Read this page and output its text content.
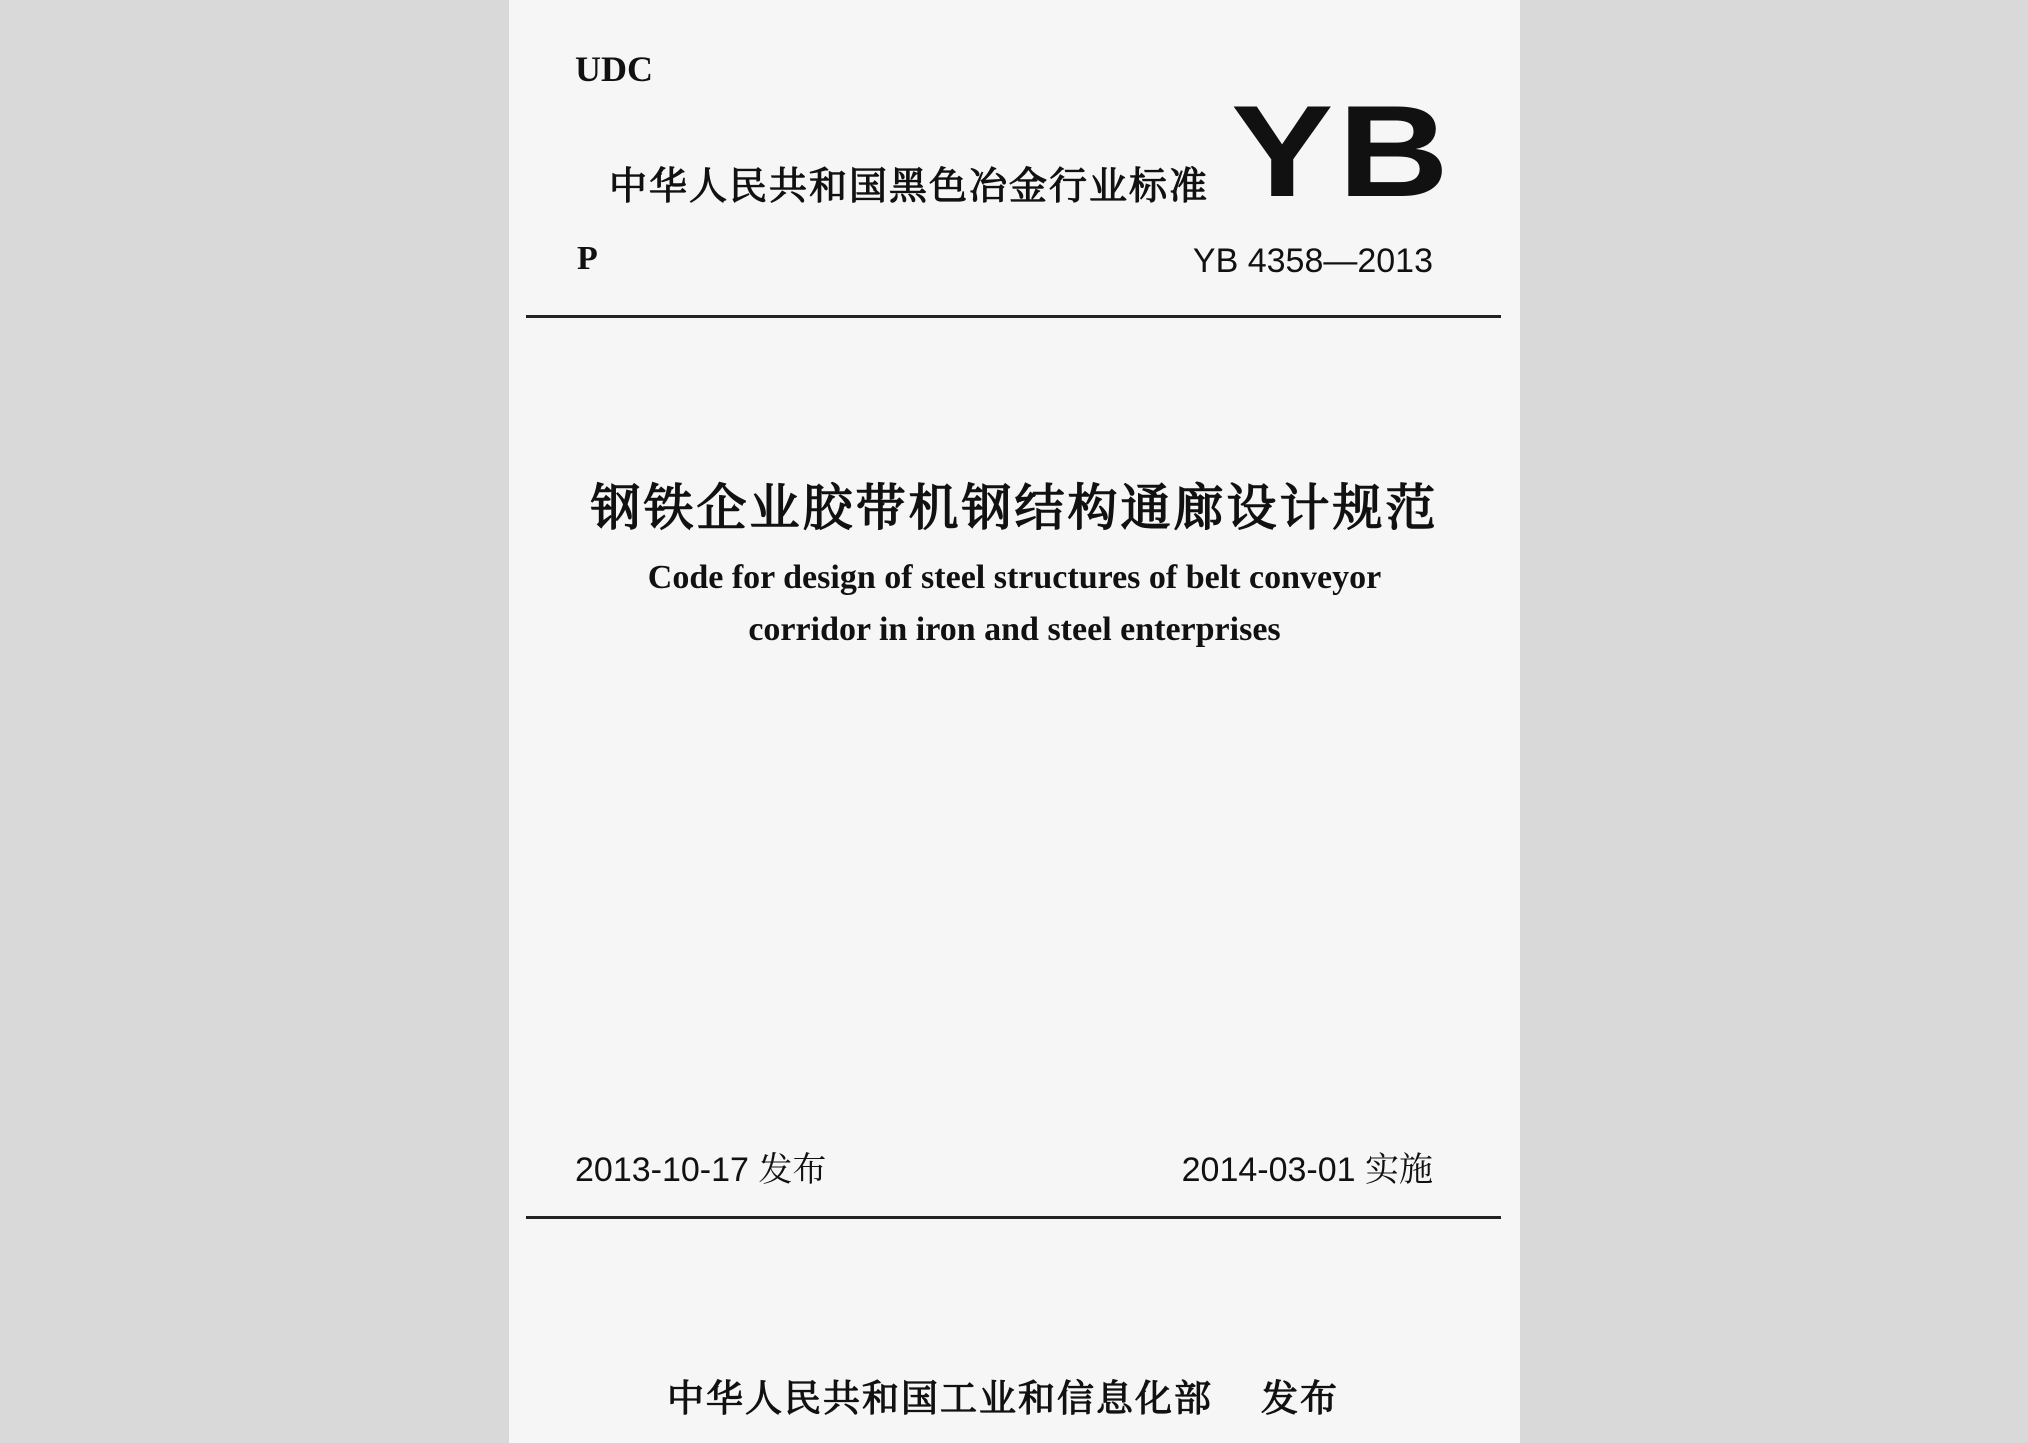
UDC
中华人民共和国黑色冶金行业标准 YB
P	YB 4358—2013
钢铁企业胶带机钢结构通廊设计规范
Code for design of steel structures of belt conveyor
corridor in iron and steel enterprises
2013-10-17 发布	2014-03-01 实施
中华人民共和国工业和信息化部 发布
